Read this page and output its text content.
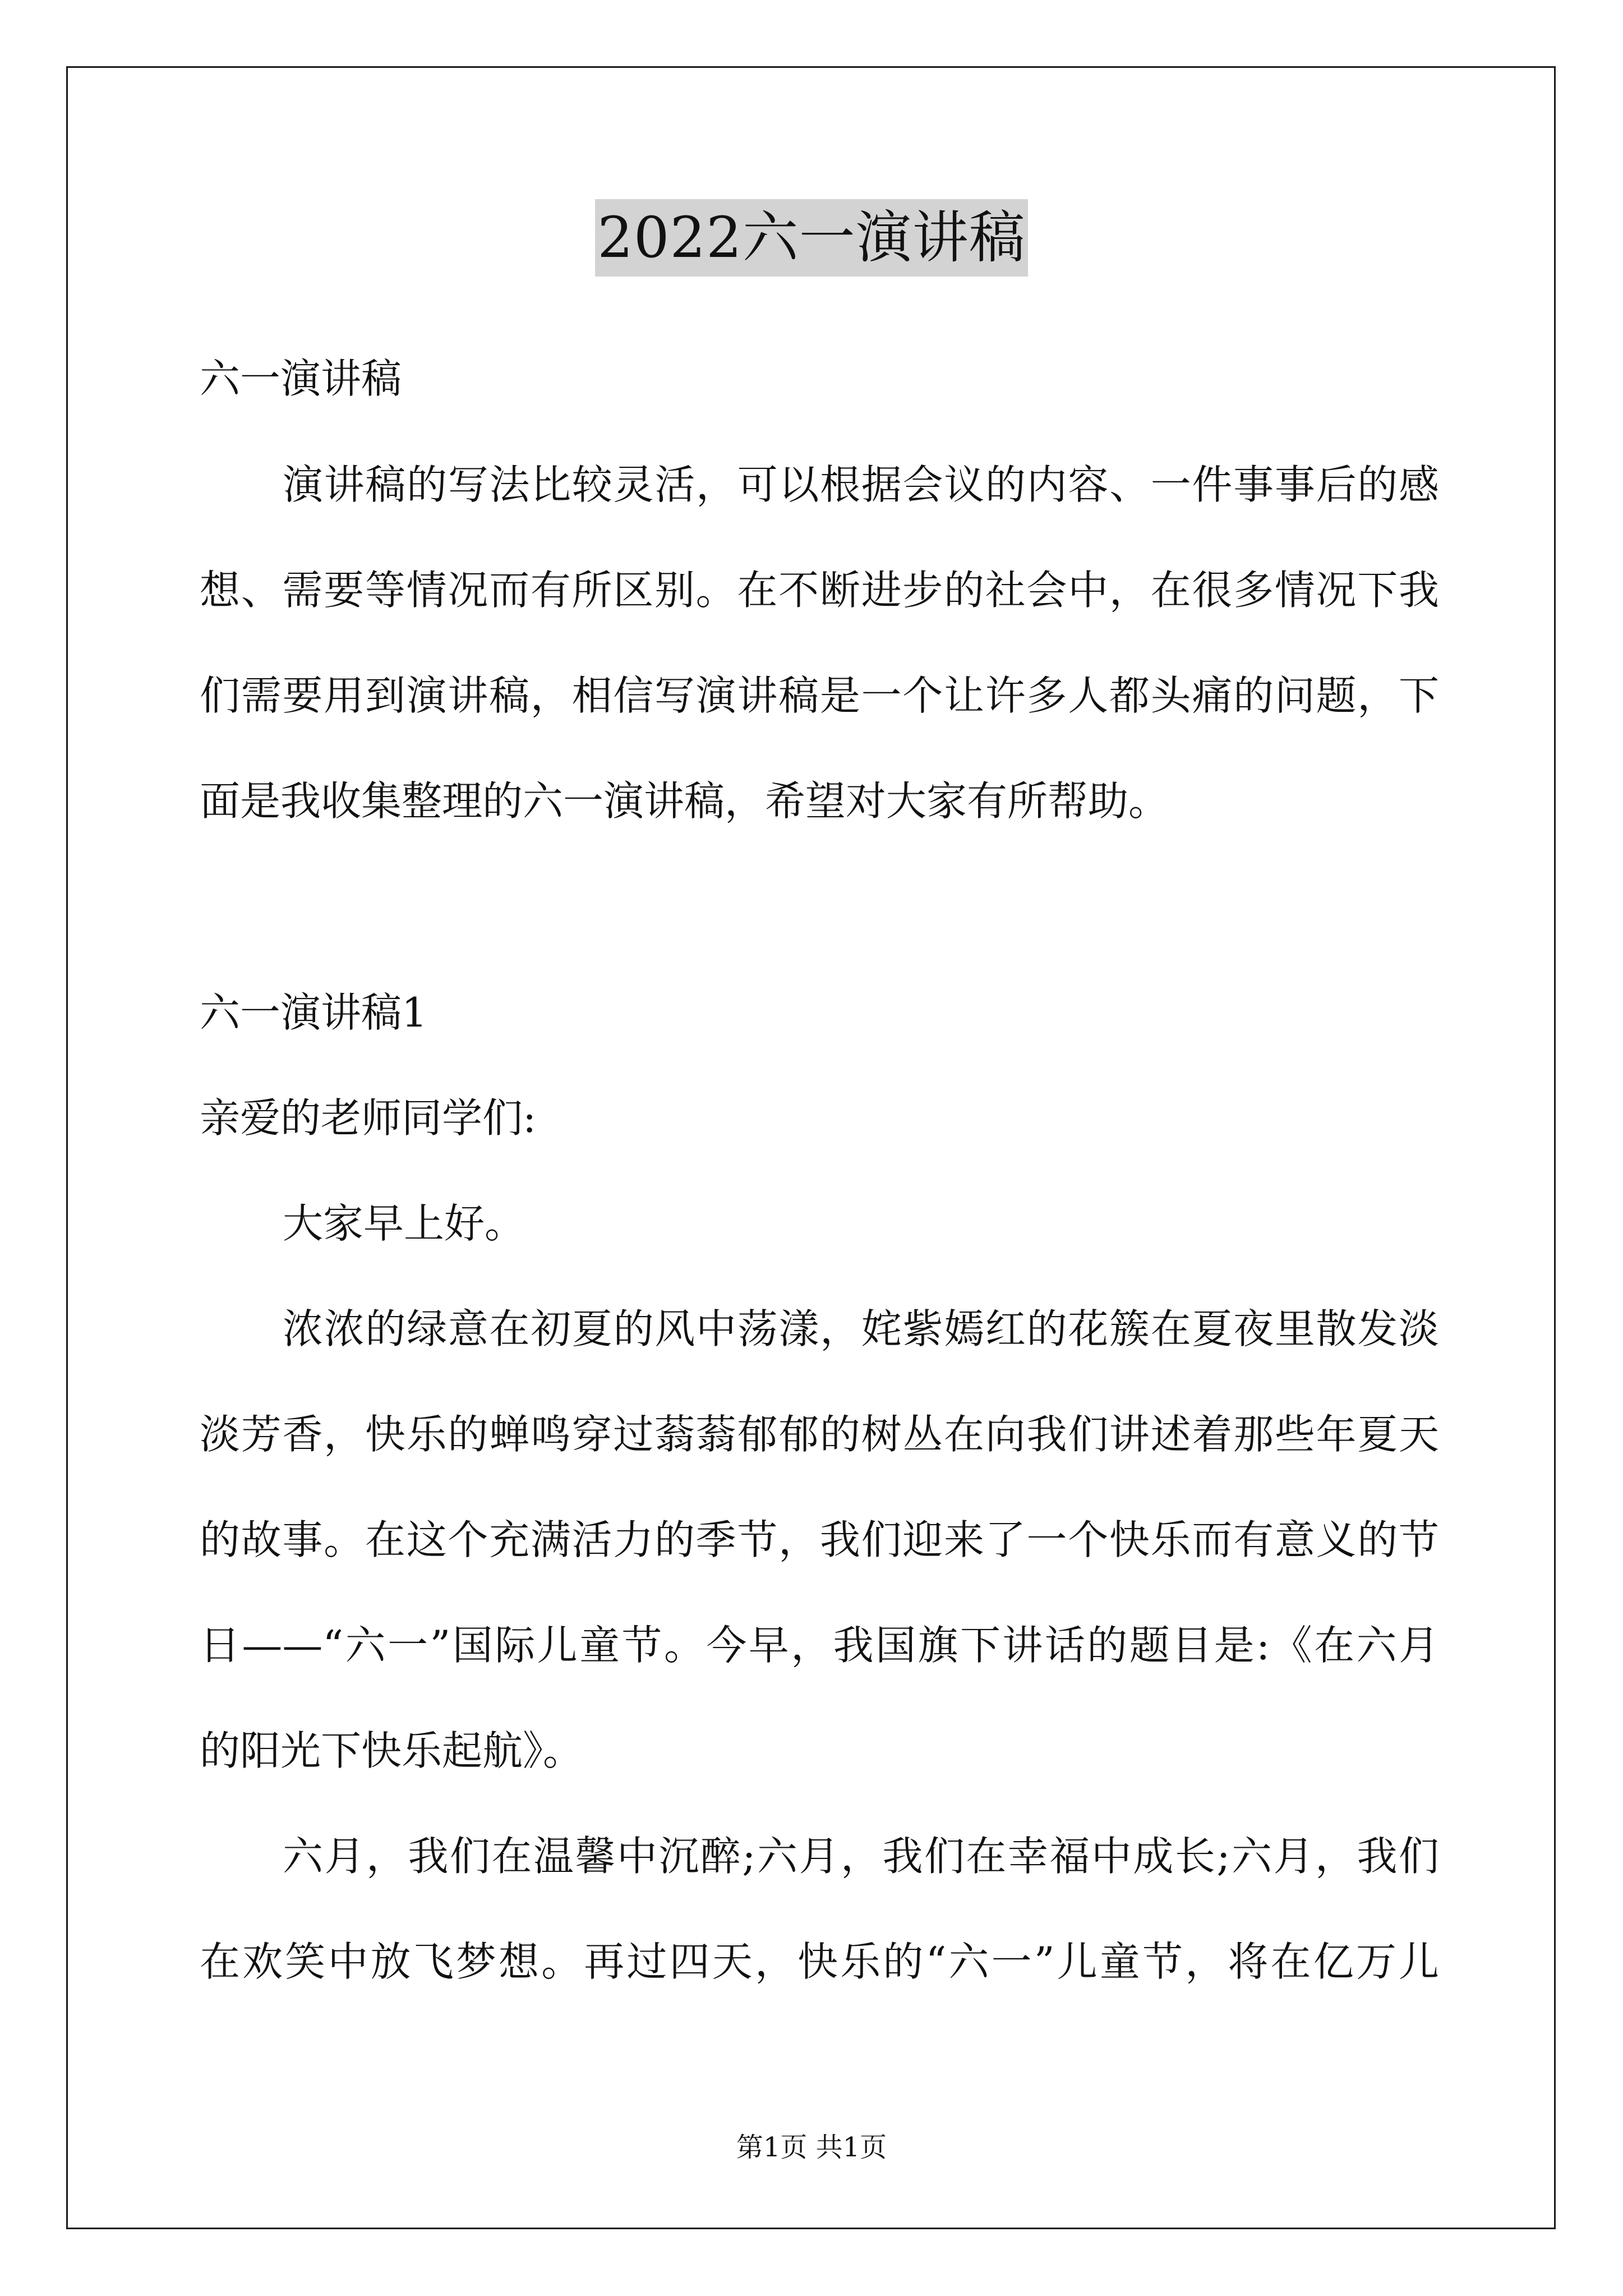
2022六一演讲稿
六一演讲稿
演讲稿的写法比较灵活，可以根据会议的内容、一件事事后的感
想、需要等情况而有所区别。在不断进步的社会中，在很多情况下我
们需要用到演讲稿，相信写演讲稿是一个让许多人都头痛的问题，下
面是我收集整理的六一演讲稿，希望对大家有所帮助。
六一演讲稿1
亲爱的老师同学们:
大家早上好。
浓浓的绿意在初夏的风中荡漾，姹紫嫣红的花簇在夏夜里散发淡
淡芳香，快乐的蝉鸣穿过蓊蓊郁郁的树丛在向我们讲述着那些年夏天
的故事。在这个充满活力的季节，我们迎来了一个快乐而有意义的节
日——“六一”国际儿童节。今早，我国旗下讲话的题目是:《在六月
的阳光下快乐起航》。
六月，我们在温馨中沉醉;六月，我们在幸福中成长;六月，我们
在欢笑中放飞梦想。再过四天，快乐的“六一”儿童节，将在亿万儿
第1页 共1页
